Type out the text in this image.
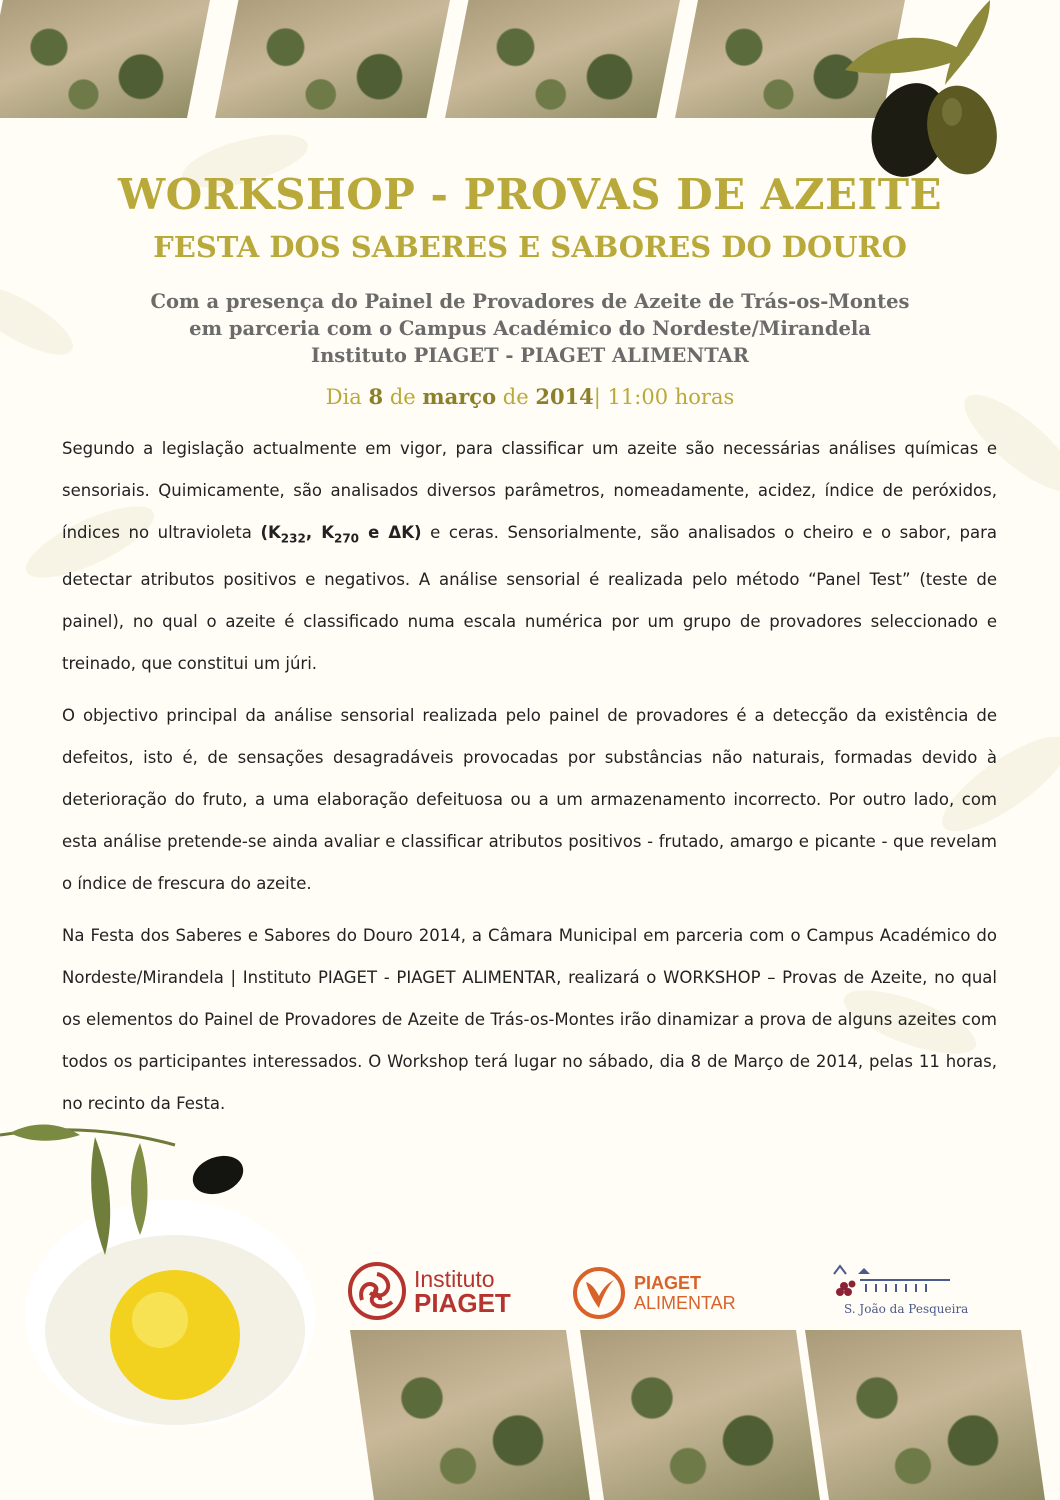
WORKSHOP - PROVAS DE AZEITE
FESTA DOS SABERES E SABORES DO DOURO
Com a presença do Painel de Provadores de Azeite de Trás-os-Montes
em parceria com o Campus Académico do Nordeste/Mirandela
Instituto PIAGET - PIAGET ALIMENTAR
Dia 8 de março de 2014| 11:00 horas

Segundo a legislação actualmente em vigor, para classificar um azeite são necessárias análises químicas e sensoriais. Quimicamente, são analisados diversos parâmetros, nomeadamente, acidez, índice de peróxidos, índices no ultravioleta ($K_{232}$, $K_{270}$ e ΔK) e ceras. Sensorialmente, são analisados o cheiro e o sabor, para detectar atributos positivos e negativos. A análise sensorial é realizada pelo método “Panel Test” (teste de painel), no qual o azeite é classificado numa escala numérica por um grupo de provadores seleccionado e treinado, que constitui um júri.

O objectivo principal da análise sensorial realizada pelo painel de provadores é a detecção da existência de defeitos, isto é, de sensações desagradáveis provocadas por substâncias não naturais, formadas devido à deterioração do fruto, a uma elaboração defeituosa ou a um armazenamento incorrecto. Por outro lado, com esta análise pretende-se ainda avaliar e classificar atributos positivos - frutado, amargo e picante - que revelam o índice de frescura do azeite.

Na Festa dos Saberes e Sabores do Douro 2014, a Câmara Municipal em parceria com o Campus Académico do Nordeste/Mirandela | Instituto PIAGET - PIAGET ALIMENTAR, realizará o WORKSHOP – Provas de Azeite, no qual os elementos do Painel de Provadores de Azeite de Trás-os-Montes irão dinamizar a prova de alguns azeites com todos os participantes interessados. O Workshop terá lugar no sábado, dia 8 de Março de 2014, pelas 11 horas, no recinto da Festa.

Instituto
PIAGET
PIAGET
ALIMENTAR	S. João da Pesqueira
